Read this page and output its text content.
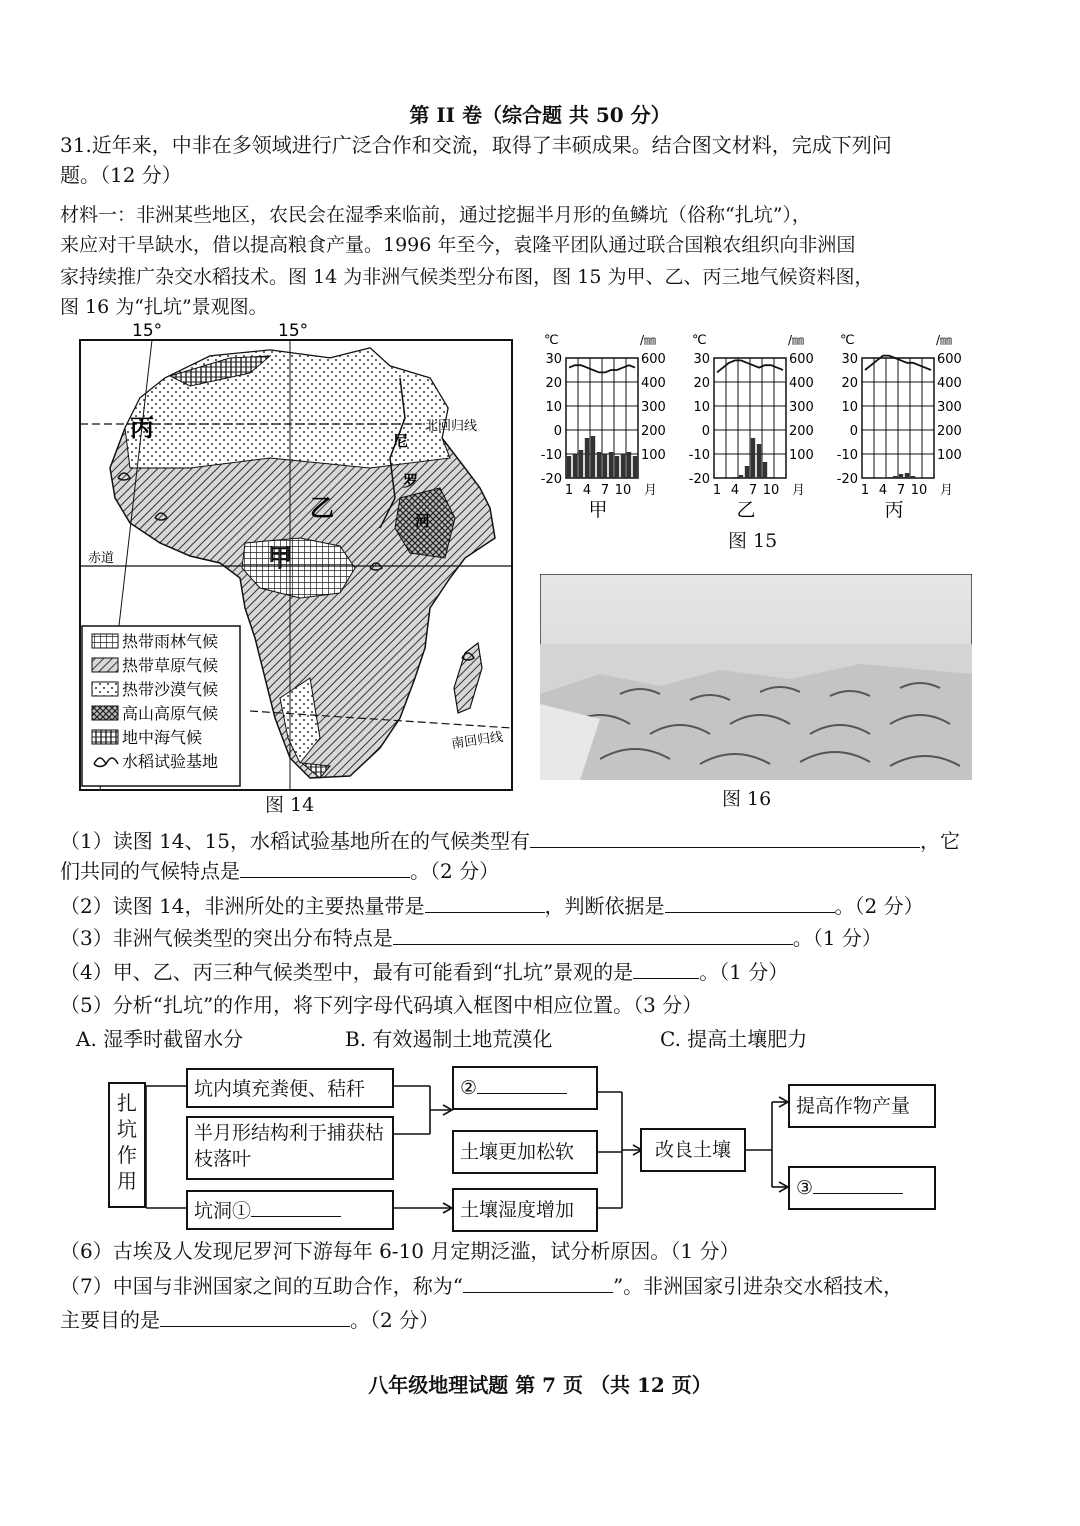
第 II 卷（综合题 共 50 分）
31.近年来，中非在多领域进行广泛合作和交流，取得了丰硕成果。结合图文材料，完成下列问
题。（12 分）
材料一：非洲某些地区，农民会在湿季来临前，通过挖掘半月形的鱼鳞坑（俗称“扎坑”），
来应对干旱缺水，借以提高粮食产量。1996 年至今，袁隆平团队通过联合国粮农组织向非洲国
家持续推广杂交水稻技术。图 14 为非洲气候类型分布图，图 15 为甲、乙、丙三地气候资料图，
图 16 为“扎坑”景观图。
15°	15°
北回归线
赤道
南回归线
丙
乙
甲
尼
罗
河
热带雨林气候
热带草原气候
热带沙漠气候
高山高原气候
地中海气候
水稻试验基地
图 14
℃	/㎜
30
20
10
0
-10
-20
600
400
300
200
100
1 4 7 10 月
甲
℃	/㎜
30
20
10
0
-10
-20
600
400
300
200
100
1 4 7 10 月
乙
℃	/㎜
30
20
10
0
-10
-20
600
400
300
200
100
1 4 7 10 月
丙
图 15
图 16
（1）读图 14、15，水稻试验基地所在的气候类型有	，它
们共同的气候特点是	。（2 分）
（2）读图 14，非洲所处的主要热量带是	，判断依据是	。（2 分）
（3）非洲气候类型的突出分布特点是	。（1 分）
（4）甲、乙、丙三种气候类型中，最有可能看到“扎坑”景观的是	。（1 分）
（5）分析“扎坑”的作用，将下列字母代码填入框图中相应位置。（3 分）
A. 湿季时截留水分	B. 有效遏制土地荒漠化	C. 提高土壤肥力
扎坑作用
坑内填充粪便、秸秆
半月形结构利于捕获枯枝落叶
坑洞①
②
土壤更加松软
土壤湿度增加
改良土壤
提高作物产量
③
（6）古埃及人发现尼罗河下游每年 6-10 月定期泛滥，试分析原因。（1 分）
（7）中国与非洲国家之间的互助合作，称为“	”。非洲国家引进杂交水稻技术，
主要目的是	。（2 分）
八年级地理试题 第 7 页 （共 12 页）
